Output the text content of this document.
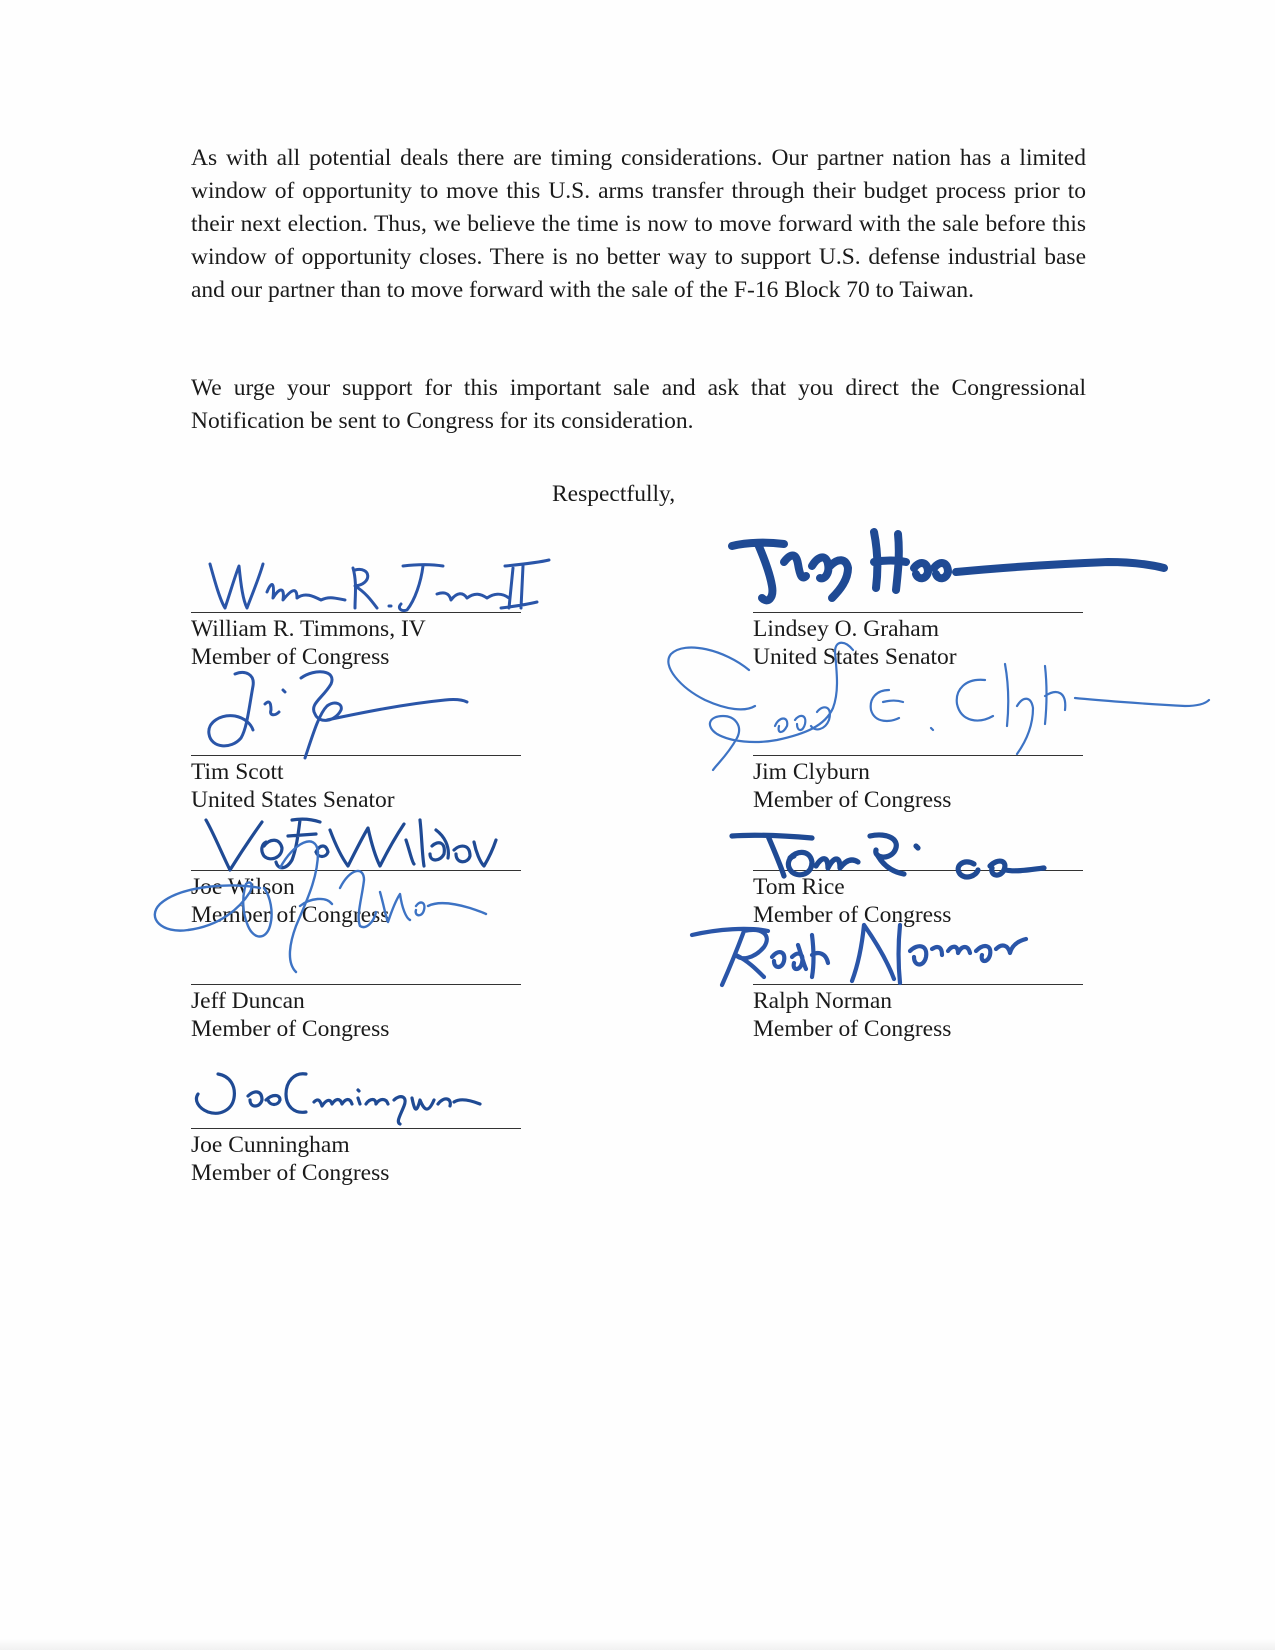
As with all potential deals there are timing considerations. Our partner nation has a limited window of opportunity to move this U.S. arms transfer through their budget process prior to their next election. Thus, we believe the time is now to move forward with the sale before this window of opportunity closes. There is no better way to support U.S. defense industrial base and our partner than to move forward with the sale of the F-16 Block 70 to Taiwan.

We urge your support for this important sale and ask that you direct the Congressional Notification be sent to Congress for its consideration.

Respectfully,
William R. Timmons, IV
Member of Congress
Tim Scott
United States Senator
Joe Wilson
Member of Congress
Jeff Duncan
Member of Congress
Joe Cunningham
Member of Congress
Lindsey O. Graham
United States Senator
Jim Clyburn
Member of Congress
Tom Rice
Member of Congress
Ralph Norman
Member of Congress
